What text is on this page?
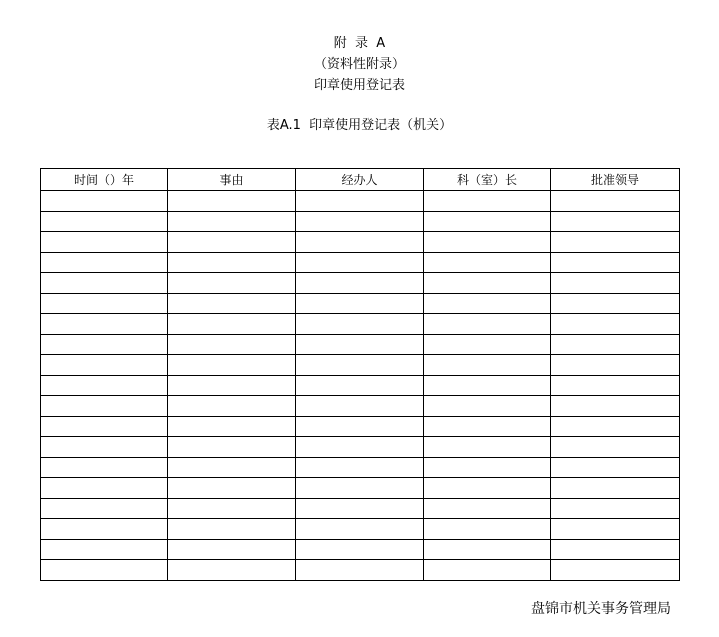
附  录  A
（资料性附录）
印章使用登记表
表A.1  印章使用登记表（机关）
时间（）年	事由	经办人	科（室）长	批准领导

盘锦市机关事务管理局
